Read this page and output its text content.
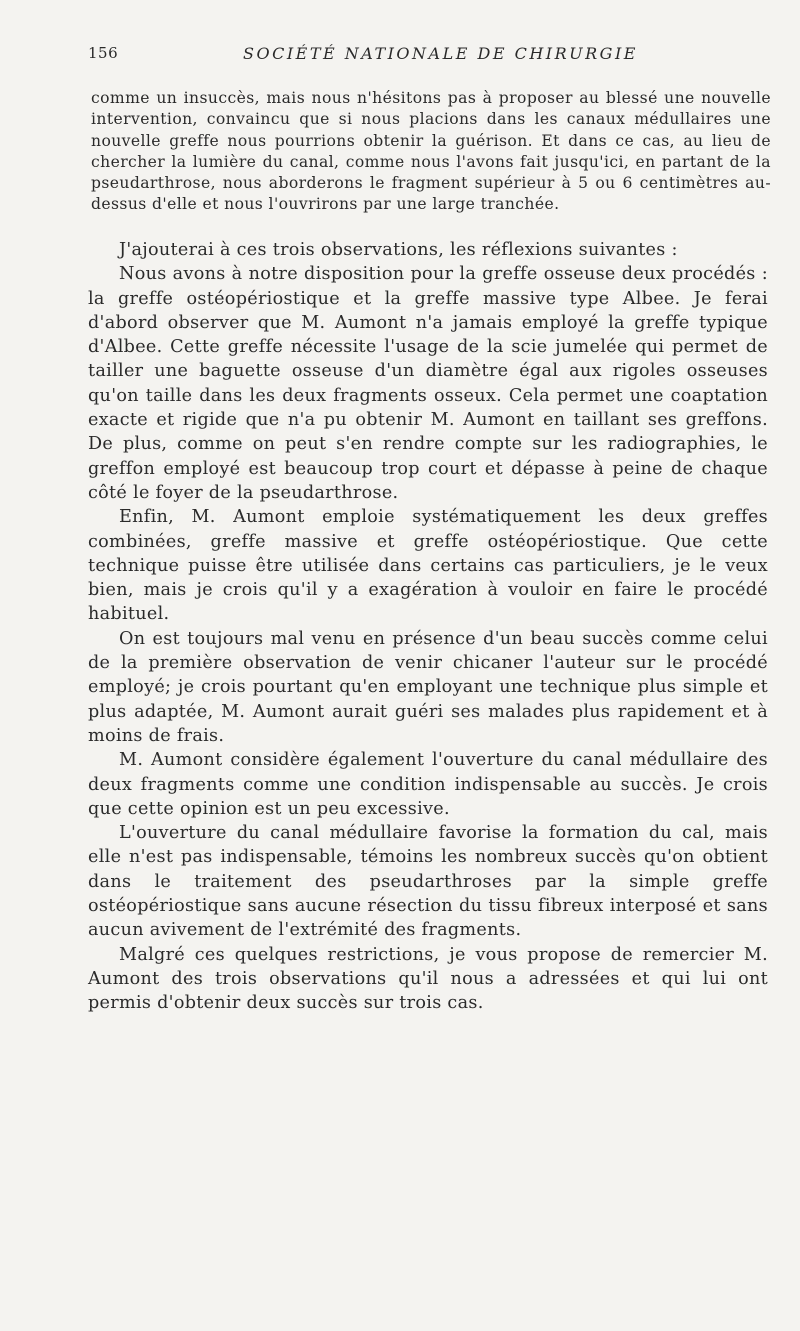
156	SOCIÉTÉ NATIONALE DE CHIRURGIE

comme un insuccès, mais nous n'hésitons pas à proposer au blessé une nouvelle intervention, convaincu que si nous placions dans les canaux médullaires une nouvelle greffe nous pourrions obtenir la guérison. Et dans ce cas, au lieu de chercher la lumière du canal, comme nous l'avons fait jusqu'ici, en partant de la pseudarthrose, nous aborderons le fragment supérieur à 5 ou 6 centimètres au-dessus d'elle et nous l'ouvrirons par une large tranchée.

J'ajouterai à ces trois observations, les réflexions suivantes :

Nous avons à notre disposition pour la greffe osseuse deux procédés : la greffe ostéopériostique et la greffe massive type Albee. Je ferai d'abord observer que M. Aumont n'a jamais employé la greffe typique d'Albee. Cette greffe nécessite l'usage de la scie jumelée qui permet de tailler une baguette osseuse d'un diamètre égal aux rigoles osseuses qu'on taille dans les deux fragments osseux. Cela permet une coaptation exacte et rigide que n'a pu obtenir M. Aumont en taillant ses greffons. De plus, comme on peut s'en rendre compte sur les radiographies, le greffon employé est beaucoup trop court et dépasse à peine de chaque côté le foyer de la pseudarthrose.

Enfin, M. Aumont emploie systématiquement les deux greffes combinées, greffe massive et greffe ostéopériostique. Que cette technique puisse être utilisée dans certains cas particuliers, je le veux bien, mais je crois qu'il y a exagération à vouloir en faire le procédé habituel.

On est toujours mal venu en présence d'un beau succès comme celui de la première observation de venir chicaner l'auteur sur le procédé employé; je crois pourtant qu'en employant une technique plus simple et plus adaptée, M. Aumont aurait guéri ses malades plus rapidement et à moins de frais.

M. Aumont considère également l'ouverture du canal médullaire des deux fragments comme une condition indispensable au succès. Je crois que cette opinion est un peu excessive.

L'ouverture du canal médullaire favorise la formation du cal, mais elle n'est pas indispensable, témoins les nombreux succès qu'on obtient dans le traitement des pseudarthroses par la simple greffe ostéopériostique sans aucune résection du tissu fibreux interposé et sans aucun avivement de l'extrémité des fragments.

Malgré ces quelques restrictions, je vous propose de remercier M. Aumont des trois observations qu'il nous a adressées et qui lui ont permis d'obtenir deux succès sur trois cas.
